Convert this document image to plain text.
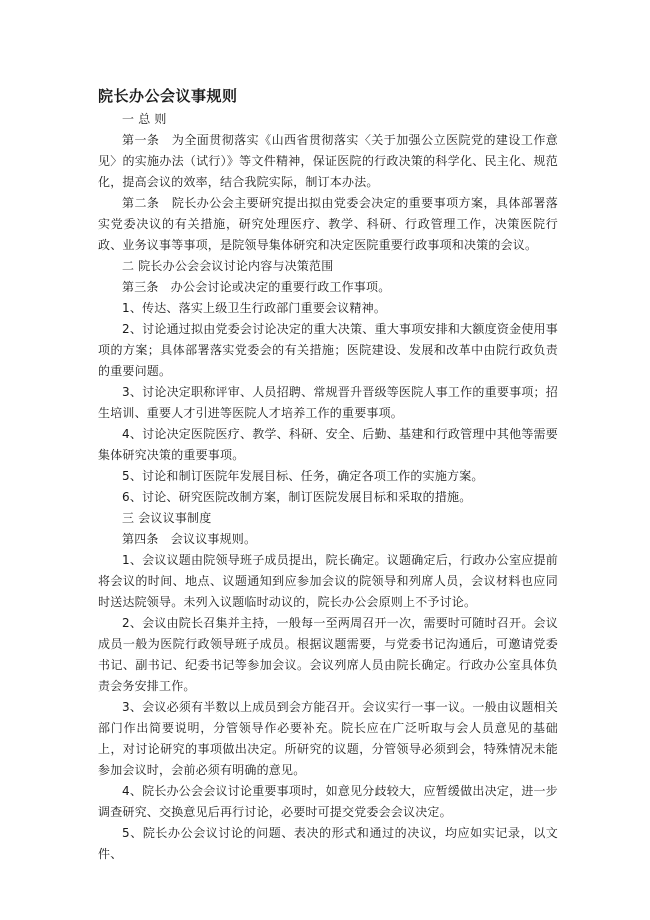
院长办公会议事规则

一 总 则

第一条　为全面贯彻落实《山西省贯彻落实〈关于加强公立医院党的建设工作意见〉的实施办法（试行）》等文件精神，保证医院的行政决策的科学化、民主化、规范化，提高会议的效率，结合我院实际，制订本办法。

第二条　院长办公会主要研究提出拟由党委会决定的重要事项方案，具体部署落实党委决议的有关措施，研究处理医疗、教学、科研、行政管理工作，决策医院行政、业务议事等事项，是院领导集体研究和决定医院重要行政事项和决策的会议。

二 院长办公会会议讨论内容与决策范围

第三条　办公会讨论或决定的重要行政工作事项。

1、传达、落实上级卫生行政部门重要会议精神。

2、讨论通过拟由党委会讨论决定的重大决策、重大事项安排和大额度资金使用事项的方案；具体部署落实党委会的有关措施；医院建设、发展和改革中由院行政负责的重要问题。

3、讨论决定职称评审、人员招聘、常规晋升晋级等医院人事工作的重要事项；招生培训、重要人才引进等医院人才培养工作的重要事项。

4、讨论决定医院医疗、教学、科研、安全、后勤、基建和行政管理中其他等需要集体研究决策的重要事项。

5、讨论和制订医院年发展目标、任务，确定各项工作的实施方案。

6、讨论、研究医院改制方案，制订医院发展目标和采取的措施。

三 会议议事制度

第四条　会议议事规则。

1、会议议题由院领导班子成员提出，院长确定。议题确定后，行政办公室应提前将会议的时间、地点、议题通知到应参加会议的院领导和列席人员，会议材料也应同时送达院领导。未列入议题临时动议的，院长办公会原则上不予讨论。

2、会议由院长召集并主持，一般每一至两周召开一次，需要时可随时召开。会议成员一般为医院行政领导班子成员。根据议题需要，与党委书记沟通后，可邀请党委书记、副书记、纪委书记等参加会议。会议列席人员由院长确定。行政办公室具体负责会务安排工作。

3、会议必须有半数以上成员到会方能召开。会议实行一事一议。一般由议题相关部门作出简要说明，分管领导作必要补充。院长应在广泛听取与会人员意见的基础上，对讨论研究的事项做出决定。所研究的议题，分管领导必须到会，特殊情况未能参加会议时，会前必须有明确的意见。

4、院长办公会会议讨论重要事项时，如意见分歧较大，应暂缓做出决定，进一步调查研究、交换意见后再行讨论，必要时可提交党委会会议决定。

5、院长办公会议讨论的问题、表决的形式和通过的决议，均应如实记录，以文件、
